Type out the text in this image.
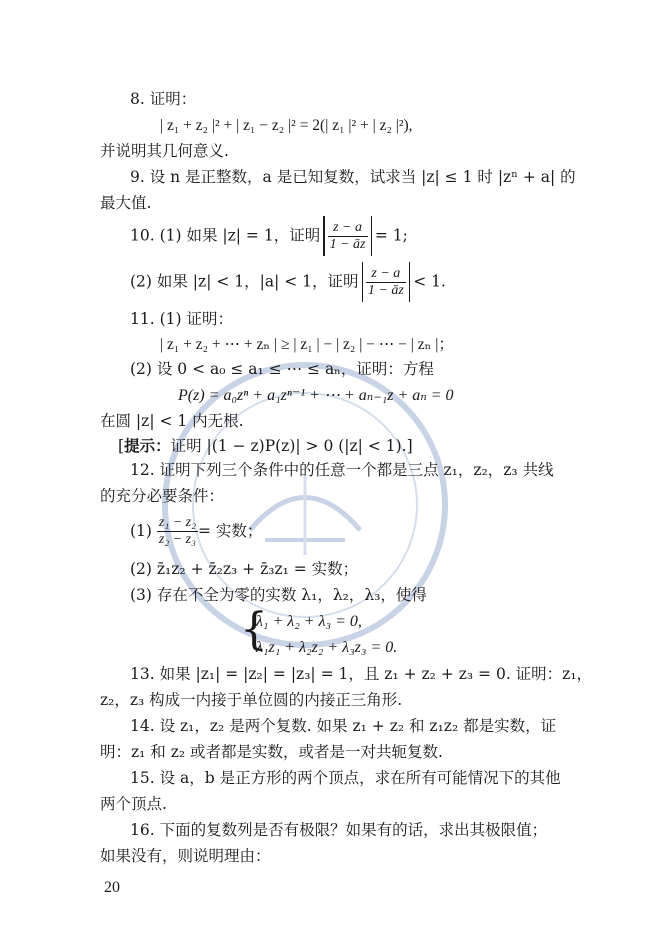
8. 证明：
| z₁ + z₂ |² + | z₁ − z₂ |² = 2(| z₁ |² + | z₂ |²),
并说明其几何意义.
9. 设 n 是正整数，a 是已知复数，试求当 |z| ≤ 1 时 |zⁿ + a| 的
最大值.
10. (1) 如果 |z| = 1，证明 $\frac{z - a}{1 - āz} = 1$;
(2) 如果 |z| < 1，|a| < 1，证明 $\frac{z - a}{1 - āz} < 1$.
11. (1) 证明：
| z₁ + z₂ + ⋯ + zₙ | ≥ | z₁ | − | z₂ | − ⋯ − | zₙ |；
(2) 设 0 < a₀ ≤ a₁ ≤ ⋯ ≤ aₙ，证明：方程
P(z) = a₀zⁿ + a₁zⁿ⁻¹ + ⋯ + aₙ₋₁z + aₙ = 0
在圆 |z| < 1 内无根.
[提示：证明 |(1 − z)P(z)| > 0 (|z| < 1).]
12. 证明下列三个条件中的任意一个都是三点 z₁，z₂，z₃ 共线
的充分必要条件：
$(1) \frac{\text{z₁ − z₂}}{\text{z₂ − z₃}}$ = 实数；
(2) z̄₁z₂ + z̄₂z₃ + z̄₃z₁ = 实数；
(3) 存在不全为零的实数 λ₁，λ₂，λ₃，使得
{
λ₁ + λ₂ + λ₃ = 0,
λ₁z₁ + λ₂z₂ + λ₃z₃ = 0.
13. 如果 |z₁| = |z₂| = |z₃| = 1，且 z₁ + z₂ + z₃ = 0. 证明：z₁，
z₂，z₃ 构成一内接于单位圆的内接正三角形.
14. 设 z₁，z₂ 是两个复数. 如果 z₁ + z₂ 和 z₁z₂ 都是实数，证
明：z₁ 和 z₂ 或者都是实数，或者是一对共轭复数.
15. 设 a，b 是正方形的两个顶点，求在所有可能情况下的其他
两个顶点.
16. 下面的复数列是否有极限？如果有的话，求出其极限值；
如果没有，则说明理由：
20
